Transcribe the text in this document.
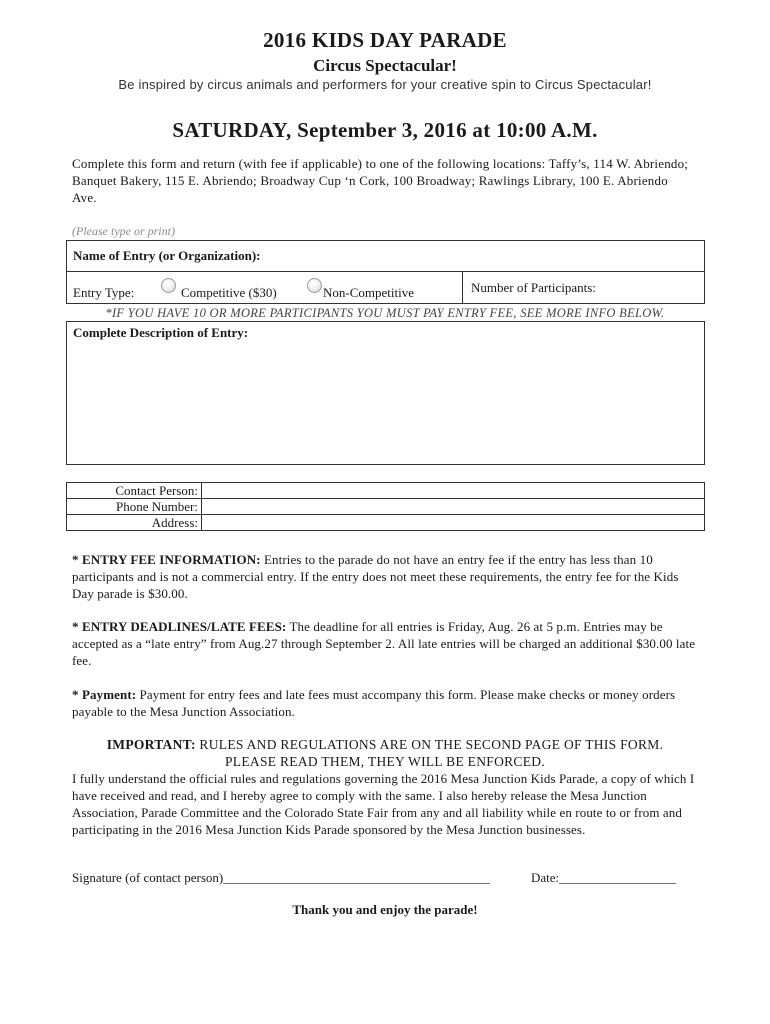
2016 KIDS DAY PARADE
Circus Spectacular!
Be inspired by circus animals and performers for your creative spin to Circus Spectacular!
SATURDAY, September 3, 2016 at 10:00 A.M.
Complete this form and return (with fee if applicable) to one of the following locations: Taffy’s, 114 W. Abriendo; Banquet Bakery, 115 E. Abriendo; Broadway Cup ‘n Cork, 100 Broadway; Rawlings Library, 100 E. Abriendo Ave.
(Please type or print)
Name of Entry (or Organization):
Entry Type:	Competitive ($30)	Non-Competitive	Number of Participants:
*IF YOU HAVE 10 OR MORE PARTICIPANTS YOU MUST PAY ENTRY FEE, SEE MORE INFO BELOW.
Complete Description of Entry:
Contact Person:	
Phone Number:	
Address:	
* ENTRY FEE INFORMATION: Entries to the parade do not have an entry fee if the entry has less than 10 participants and is not a commercial entry. If the entry does not meet these requirements, the entry fee for the Kids Day parade is $30.00.
* ENTRY DEADLINES/LATE FEES: The deadline for all entries is Friday, Aug. 26 at 5 p.m. Entries may be accepted as a “late entry” from Aug.27 through September 2. All late entries will be charged an additional $30.00 late fee.
* Payment: Payment for entry fees and late fees must accompany this form. Please make checks or money orders payable to the Mesa Junction Association.
IMPORTANT: RULES AND REGULATIONS ARE ON THE SECOND PAGE OF THIS FORM.
PLEASE READ THEM, THEY WILL BE ENFORCED.
I fully understand the official rules and regulations governing the 2016 Mesa Junction Kids Parade, a copy of which I have received and read, and I hereby agree to comply with the same. I also hereby release the Mesa Junction Association, Parade Committee and the Colorado State Fair from any and all liability while en route to or from and participating in the 2016 Mesa Junction Kids Parade sponsored by the Mesa Junction businesses.
Signature (of contact person)_________________________________________	Date:__________________
Thank you and enjoy the parade!
